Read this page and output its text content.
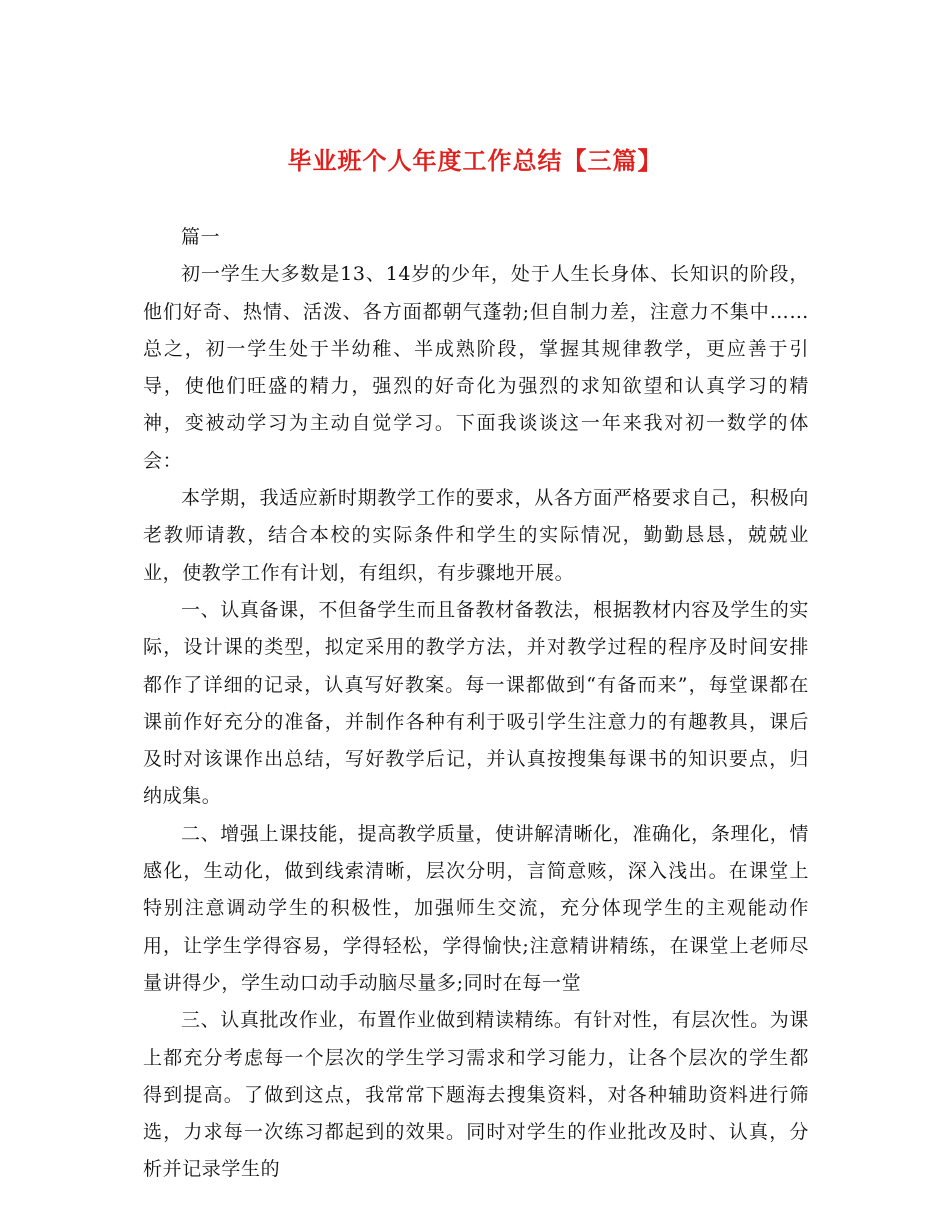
毕业班个人年度工作总结【三篇】

篇一

初一学生大多数是13、14岁的少年，处于人生长身体、长知识的阶段，他们好奇、热情、活泼、各方面都朝气蓬勃;但自制力差，注意力不集中……总之，初一学生处于半幼稚、半成熟阶段，掌握其规律教学，更应善于引导，使他们旺盛的精力，强烈的好奇化为强烈的求知欲望和认真学习的精神，变被动学习为主动自觉学习。下面我谈谈这一年来我对初一数学的体会：

本学期，我适应新时期教学工作的要求，从各方面严格要求自己，积极向老教师请教，结合本校的实际条件和学生的实际情况，勤勤恳恳，兢兢业业，使教学工作有计划，有组织，有步骤地开展。

一、认真备课，不但备学生而且备教材备教法，根据教材内容及学生的实际，设计课的类型，拟定采用的教学方法，并对教学过程的程序及时间安排都作了详细的记录，认真写好教案。每一课都做到“有备而来”，每堂课都在课前作好充分的准备，并制作各种有利于吸引学生注意力的有趣教具，课后及时对该课作出总结，写好教学后记，并认真按搜集每课书的知识要点，归纳成集。

二、增强上课技能，提高教学质量，使讲解清晰化，准确化，条理化，情感化，生动化，做到线索清晰，层次分明，言简意赅，深入浅出。在课堂上特别注意调动学生的积极性，加强师生交流，充分体现学生的主观能动作用，让学生学得容易，学得轻松，学得愉快;注意精讲精练，在课堂上老师尽量讲得少，学生动口动手动脑尽量多;同时在每一堂

三、认真批改作业，布置作业做到精读精练。有针对性，有层次性。为课上都充分考虑每一个层次的学生学习需求和学习能力，让各个层次的学生都得到提高。了做到这点，我常常下题海去搜集资料，对各种辅助资料进行筛选，力求每一次练习都起到的效果。同时对学生的作业批改及时、认真，分析并记录学生的
